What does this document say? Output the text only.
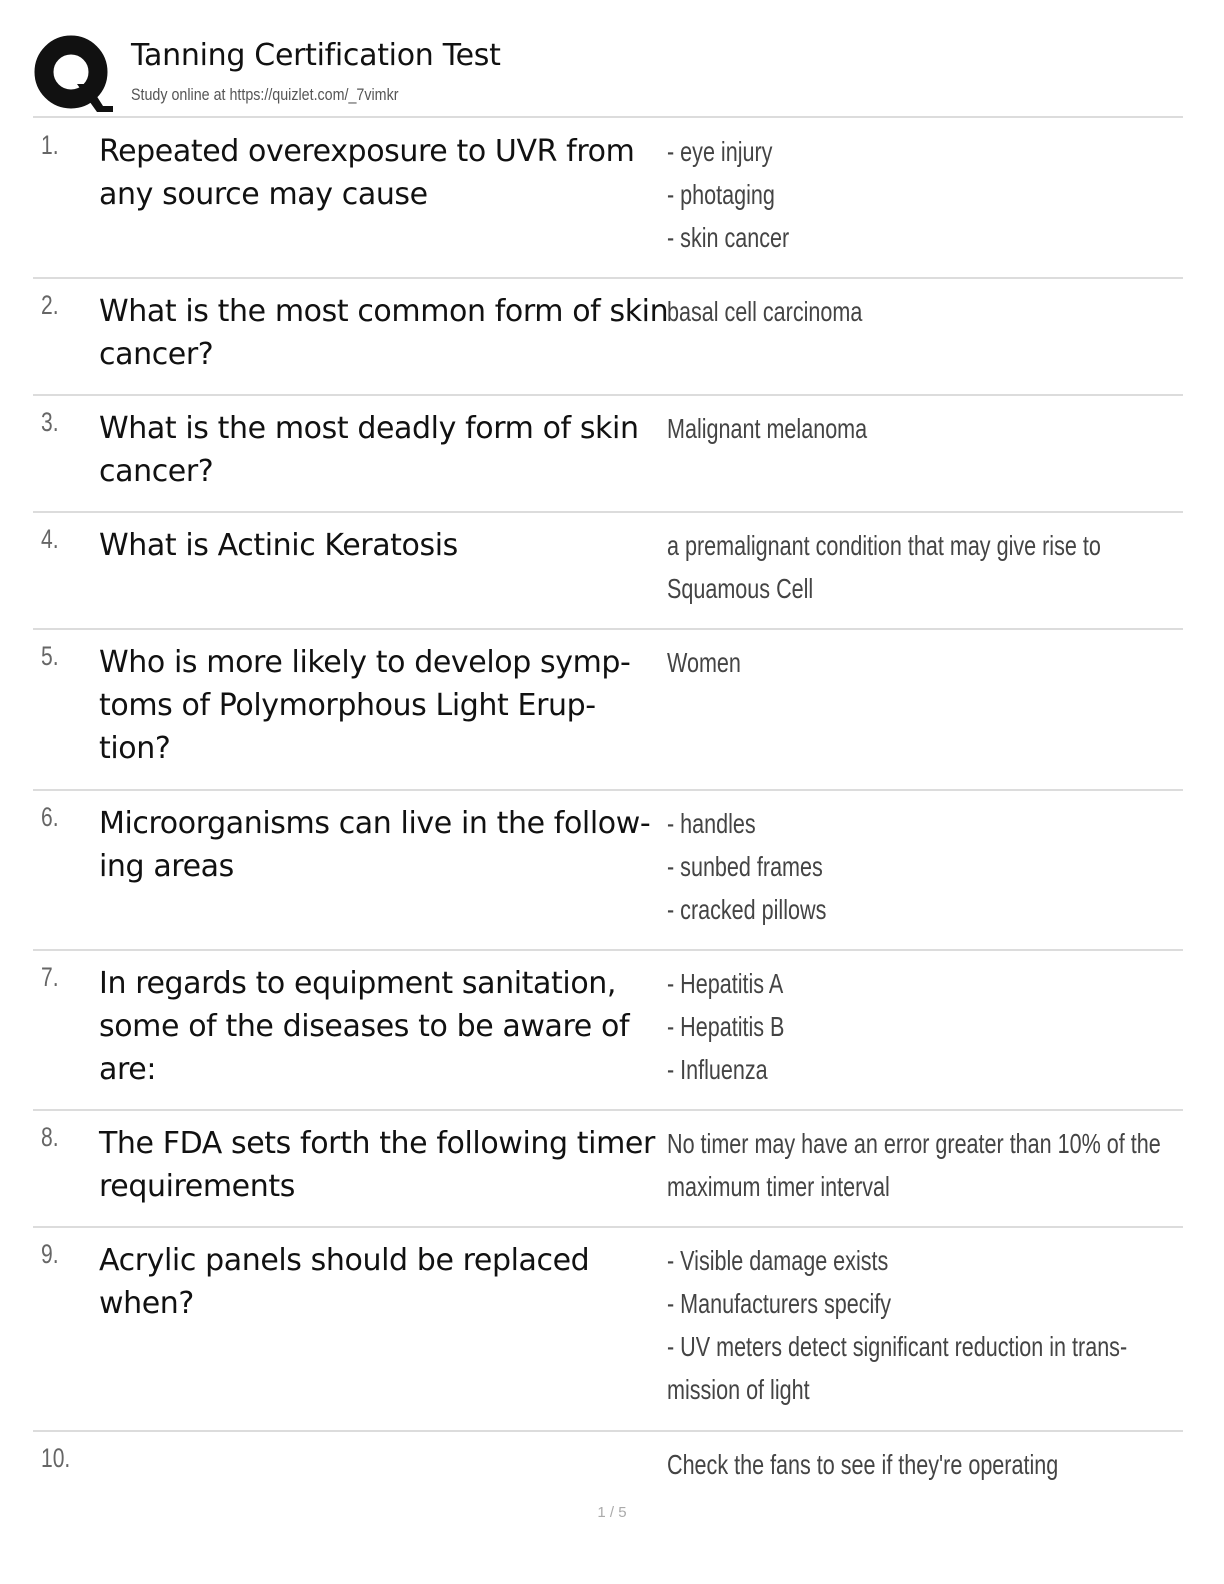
Tanning Certification Test
Study online at https://quizlet.com/_7vimkr
1. Repeated overexposure to UVR from
any source may cause
- eye injury
- photaging
- skin cancer
2. What is the most common form of skin
cancer?
basal cell carcinoma
3. What is the most deadly form of skin
cancer?
Malignant melanoma
4. What is Actinic Keratosis	a premalignant condition that may give rise to
Squamous Cell
5. Who is more likely to develop symp-
toms of Polymorphous Light Erup-
tion?
Women
6. Microorganisms can live in the follow-
ing areas
- handles
- sunbed frames
- cracked pillows
7. In regards to equipment sanitation,
some of the diseases to be aware of
are:
- Hepatitis A
- Hepatitis B
- Influenza
8. The FDA sets forth the following timer
requirements
No timer may have an error greater than 10% of the
maximum timer interval
9. Acrylic panels should be replaced
when?
- Visible damage exists
- Manufacturers specify
- UV meters detect significant reduction in trans-
mission of light
10.	Check the fans to see if they're operating
1 / 5
